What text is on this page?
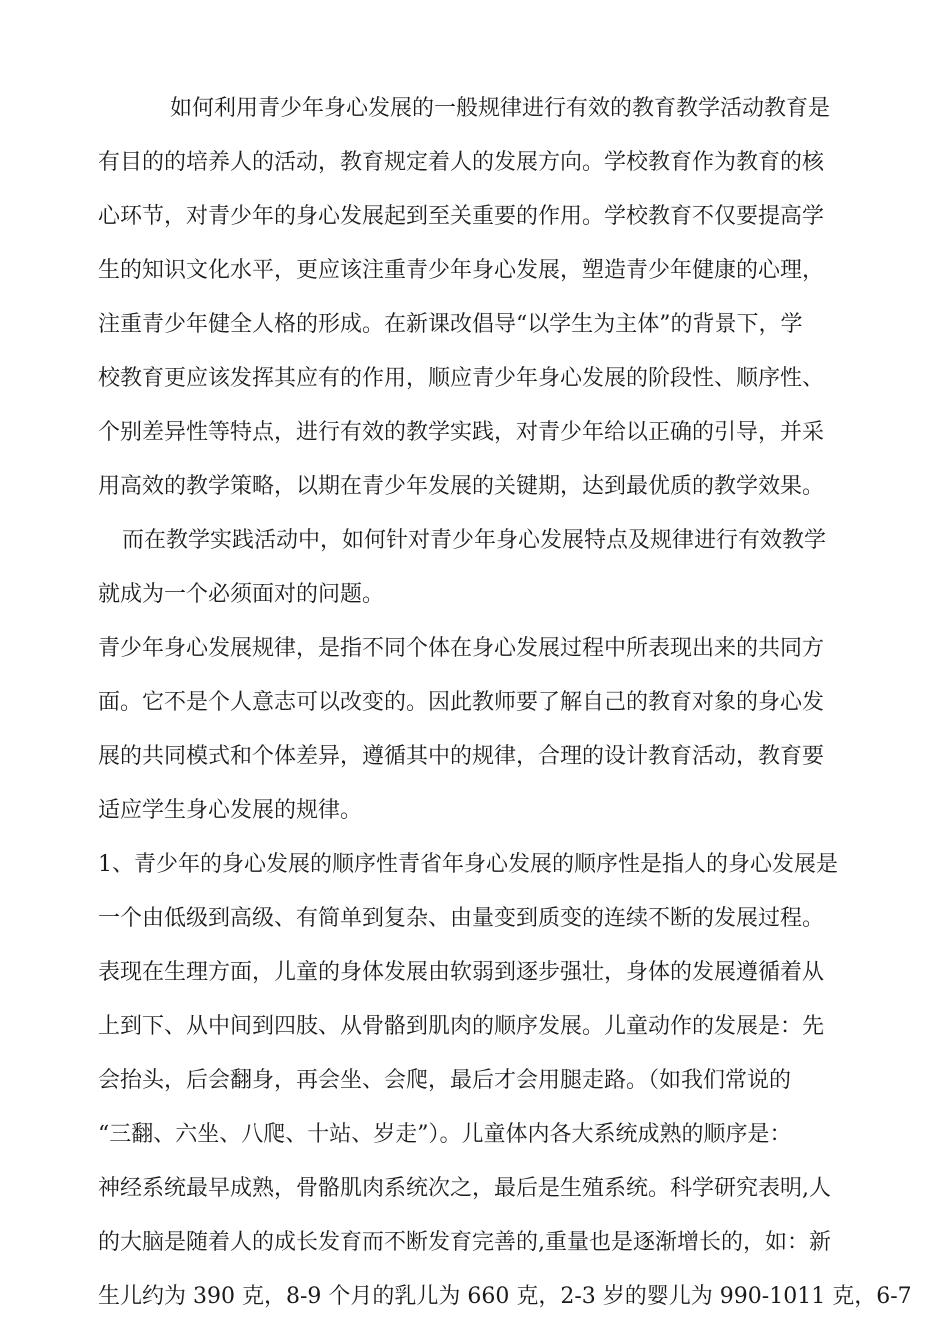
如何利用青少年身心发展的一般规律进行有效的教育教学活动教育是
有目的的培养人的活动，教育规定着人的发展方向。学校教育作为教育的核
心环节，对青少年的身心发展起到至关重要的作用。学校教育不仅要提高学
生的知识文化水平，更应该注重青少年身心发展，塑造青少年健康的心理，
注重青少年健全人格的形成。在新课改倡导“以学生为主体”的背景下，学
校教育更应该发挥其应有的作用，顺应青少年身心发展的阶段性、顺序性、
个别差异性等特点，进行有效的教学实践，对青少年给以正确的引导，并采
用高效的教学策略，以期在青少年发展的关键期，达到最优质的教学效果。
而在教学实践活动中，如何针对青少年身心发展特点及规律进行有效教学
就成为一个必须面对的问题。
青少年身心发展规律，是指不同个体在身心发展过程中所表现出来的共同方
面。它不是个人意志可以改变的。因此教师要了解自己的教育对象的身心发
展的共同模式和个体差异，遵循其中的规律，合理的设计教育活动，教育要
适应学生身心发展的规律。
1、青少年的身心发展的顺序性青省年身心发展的顺序性是指人的身心发展是
一个由低级到高级、有简单到复杂、由量变到质变的连续不断的发展过程。
表现在生理方面，儿童的身体发展由软弱到逐步强壮，身体的发展遵循着从
上到下、从中间到四肢、从骨骼到肌肉的顺序发展。儿童动作的发展是：先
会抬头，后会翻身，再会坐、会爬，最后才会用腿走路。（如我们常说的
“三翻、六坐、八爬、十站、岁走”）。儿童体内各大系统成熟的顺序是：
神经系统最早成熟，骨骼肌肉系统次之，最后是生殖系统。科学研究表明,人
的大脑是随着人的成长发育而不断发育完善的,重量也是逐渐增长的，如：新
生儿约为 390 克，8-9 个月的乳儿为 660 克，2-3 岁的婴儿为 990-1011 克，6-7
